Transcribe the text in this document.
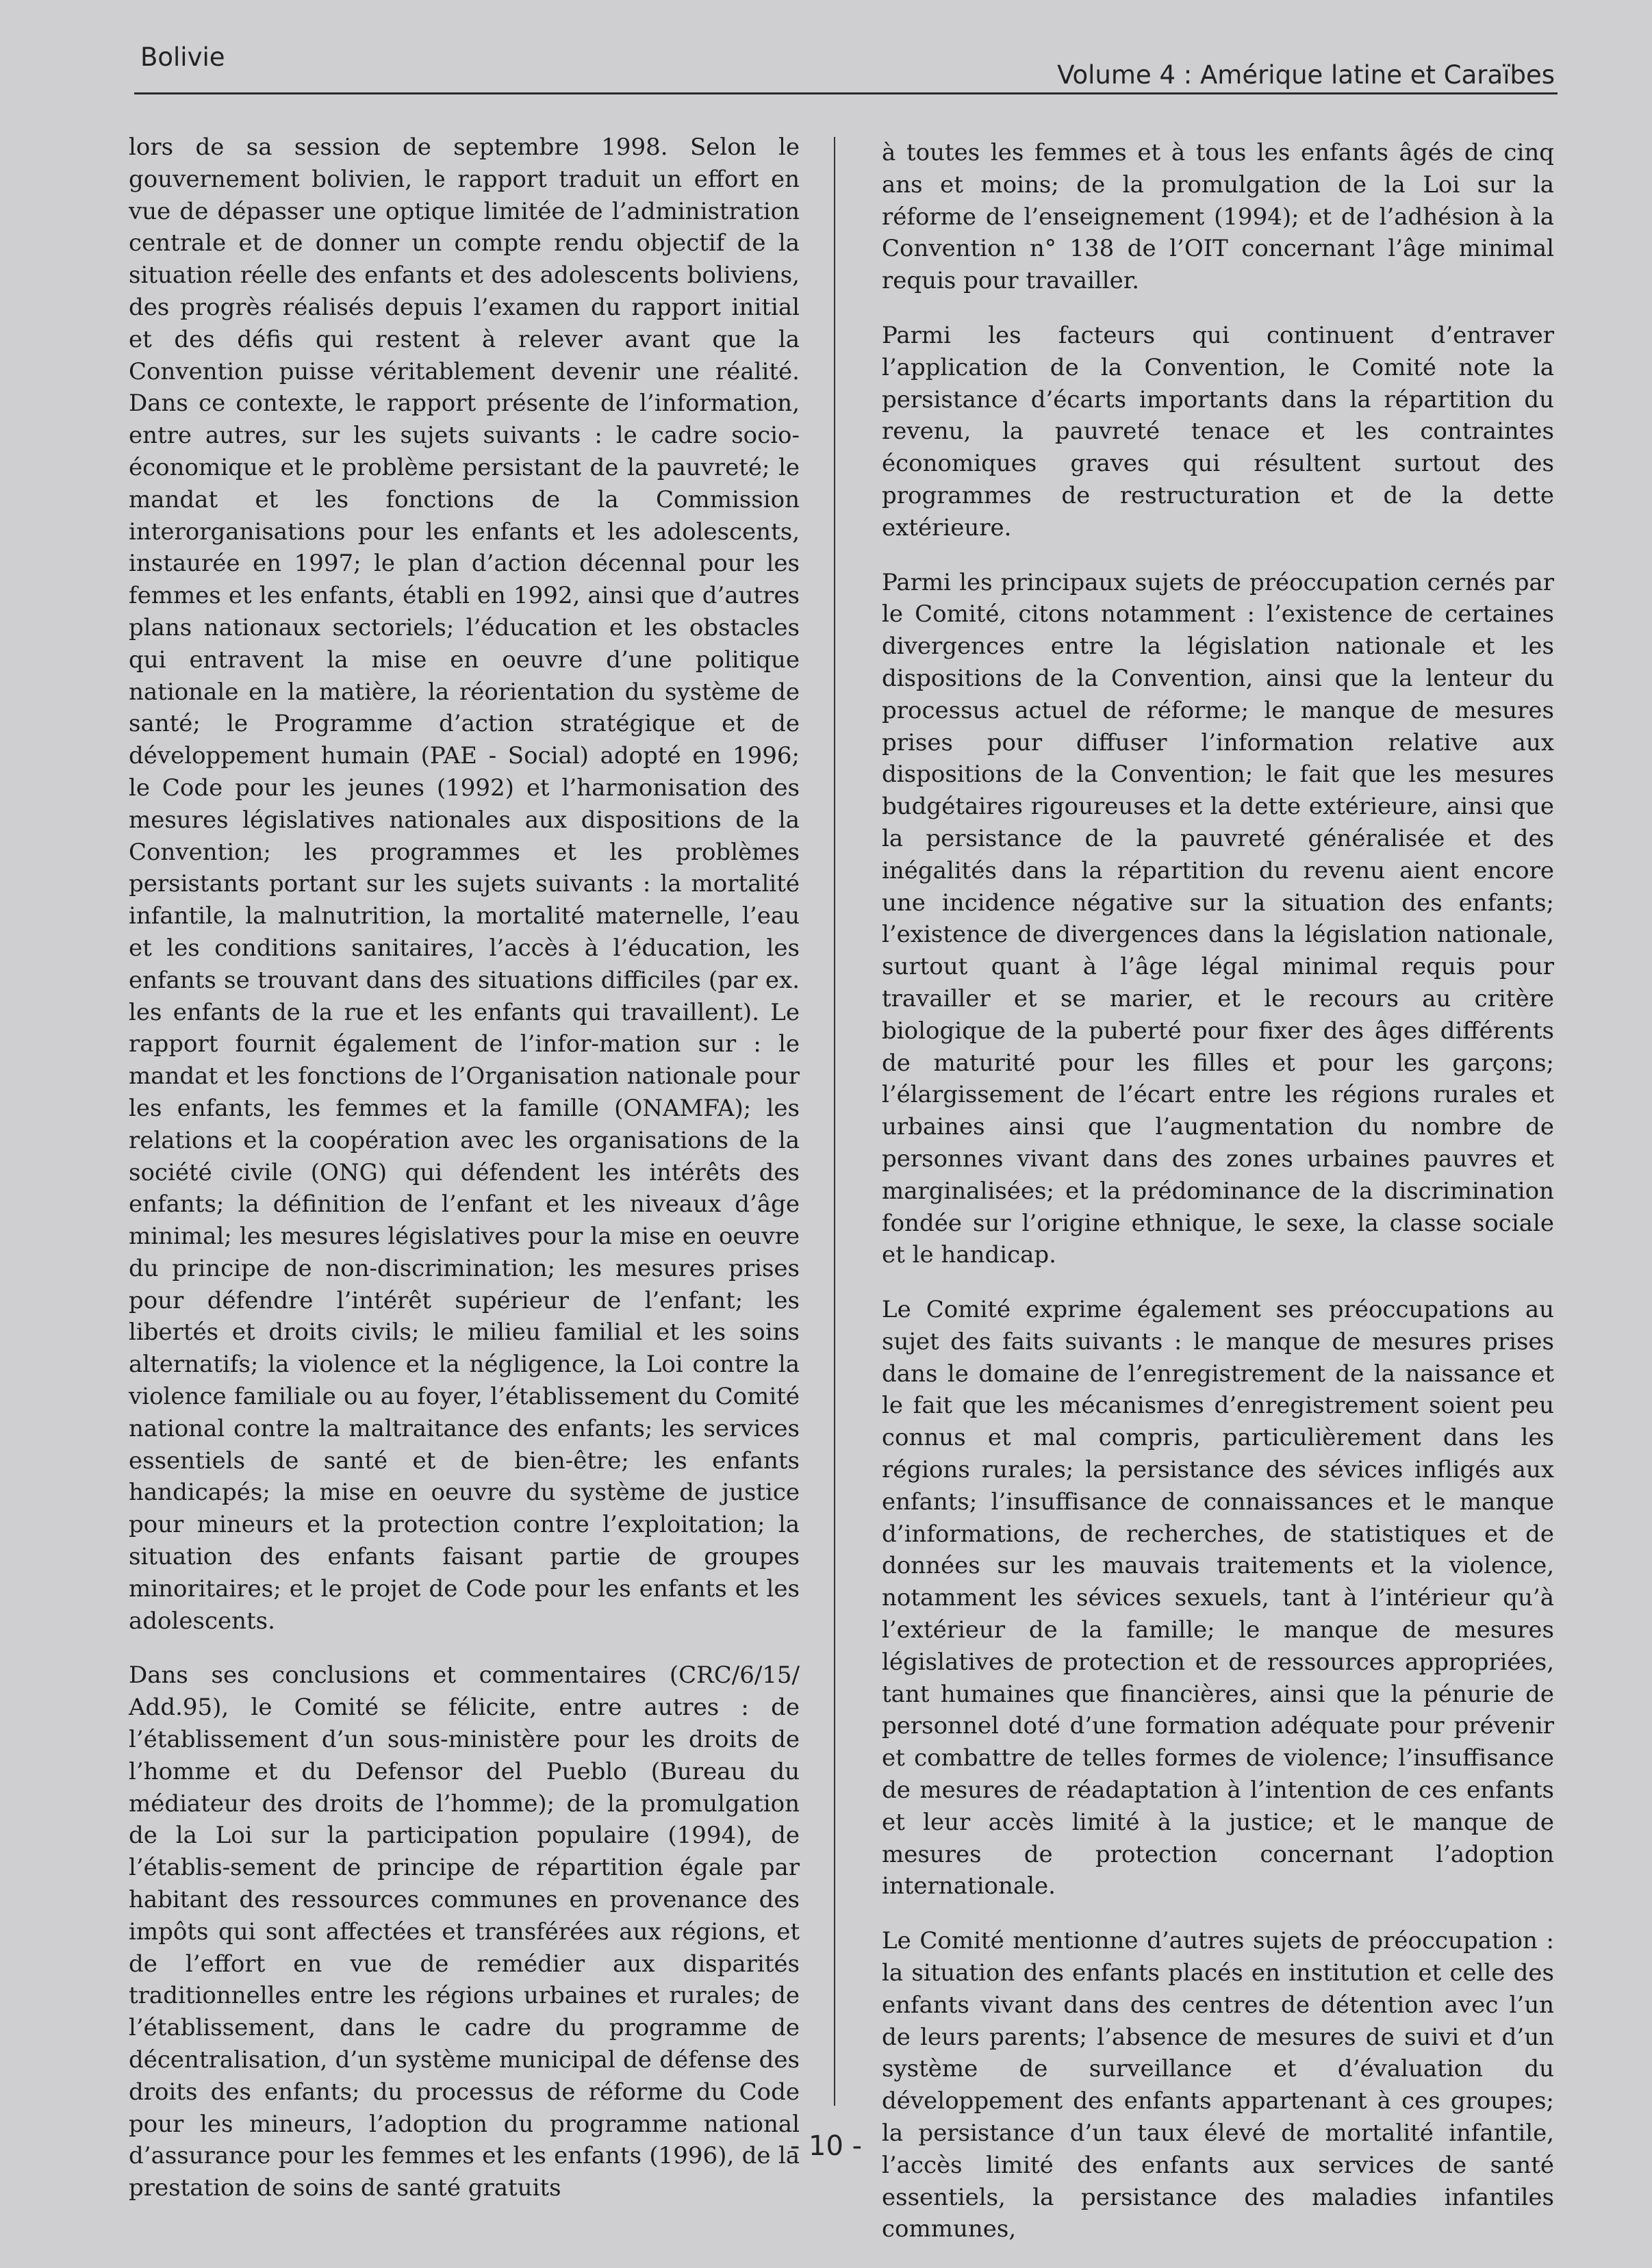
Bolivie
Volume 4 : Amérique latine et Caraïbes

lors de sa session de septembre 1998. Selon le gouvernement bolivien, le rapport traduit un effort en vue de dépasser une optique limitée de l’administration centrale et de donner un compte rendu objectif de la situation réelle des enfants et des adolescents boliviens, des progrès réalisés depuis l’examen du rapport initial et des défis qui restent à relever avant que la Convention puisse véritablement devenir une réalité. Dans ce contexte, le rapport présente de l’information, entre autres, sur les sujets suivants : le cadre socio-économique et le problème persistant de la pauvreté; le mandat et les fonctions de la Commission interorganisations pour les enfants et les adolescents, instaurée en 1997; le plan d’action décennal pour les femmes et les enfants, établi en 1992, ainsi que d’autres plans nationaux sectoriels; l’éducation et les obstacles qui entravent la mise en oeuvre d’une politique nationale en la matière, la réorientation du système de santé; le Programme d’action stratégique et de développement humain (PAE - Social) adopté en 1996; le Code pour les jeunes (1992) et l’harmonisation des mesures législatives nationales aux dispositions de la Convention; les programmes et les problèmes persistants portant sur les sujets suivants : la mortalité infantile, la malnutrition, la mortalité maternelle, l’eau et les conditions sanitaires, l’accès à l’éducation, les enfants se trouvant dans des situations difficiles (par ex. les enfants de la rue et les enfants qui travaillent). Le rapport fournit également de l’infor-mation sur : le mandat et les fonctions de l’Organisation nationale pour les enfants, les femmes et la famille (ONAMFA); les relations et la coopération avec les organisations de la société civile (ONG) qui défendent les intérêts des enfants; la définition de l’enfant et les niveaux d’âge minimal; les mesures législatives pour la mise en oeuvre du principe de non-discrimination; les mesures prises pour défendre l’intérêt supérieur de l’enfant; les libertés et droits civils; le milieu familial et les soins alternatifs; la violence et la négligence, la Loi contre la violence familiale ou au foyer, l’établissement du Comité national contre la maltraitance des enfants; les services essentiels de santé et de bien-être; les enfants handicapés; la mise en oeuvre du système de justice pour mineurs et la protection contre l’exploitation; la situation des enfants faisant partie de groupes minoritaires; et le projet de Code pour les enfants et les adolescents.

Dans ses conclusions et commentaires (CRC/6/15/ Add.95), le Comité se félicite, entre autres : de l’établissement d’un sous-ministère pour les droits de l’homme et du Defensor del Pueblo (Bureau du médiateur des droits de l’homme); de la promulgation de la Loi sur la participation populaire (1994), de l’établis-sement de principe de répartition égale par habitant des ressources communes en provenance des impôts qui sont affectées et transférées aux régions, et de l’effort en vue de remédier aux disparités traditionnelles entre les régions urbaines et rurales; de l’établissement, dans le cadre du programme de décentralisation, d’un système municipal de défense des droits des enfants; du processus de réforme du Code pour les mineurs, l’adoption du programme national d’assurance pour les femmes et les enfants (1996), de la prestation de soins de santé gratuits

à toutes les femmes et à tous les enfants âgés de cinq ans et moins; de la promulgation de la Loi sur la réforme de l’enseignement (1994); et de l’adhésion à la Convention n° 138 de l’OIT concernant l’âge minimal requis pour travailler.

Parmi les facteurs qui continuent d’entraver l’application de la Convention, le Comité note la persistance d’écarts importants dans la répartition du revenu, la pauvreté tenace et les contraintes économiques graves qui résultent surtout des programmes de restructuration et de la dette extérieure.

Parmi les principaux sujets de préoccupation cernés par le Comité, citons notamment : l’existence de certaines divergences entre la législation nationale et les dispositions de la Convention, ainsi que la lenteur du processus actuel de réforme; le manque de mesures prises pour diffuser l’information relative aux dispositions de la Convention; le fait que les mesures budgétaires rigoureuses et la dette extérieure, ainsi que la persistance de la pauvreté généralisée et des inégalités dans la répartition du revenu aient encore une incidence négative sur la situation des enfants; l’existence de divergences dans la législation nationale, surtout quant à l’âge légal minimal requis pour travailler et se marier, et le recours au critère biologique de la puberté pour fixer des âges différents de maturité pour les filles et pour les garçons; l’élargissement de l’écart entre les régions rurales et urbaines ainsi que l’augmentation du nombre de personnes vivant dans des zones urbaines pauvres et marginalisées; et la prédominance de la discrimination fondée sur l’origine ethnique, le sexe, la classe sociale et le handicap.

Le Comité exprime également ses préoccupations au sujet des faits suivants : le manque de mesures prises dans le domaine de l’enregistrement de la naissance et le fait que les mécanismes d’enregistrement soient peu connus et mal compris, particulièrement dans les régions rurales; la persistance des sévices infligés aux enfants; l’insuffisance de connaissances et le manque d’informations, de recherches, de statistiques et de données sur les mauvais traitements et la violence, notamment les sévices sexuels, tant à l’intérieur qu’à l’extérieur de la famille; le manque de mesures législatives de protection et de ressources appropriées, tant humaines que financières, ainsi que la pénurie de personnel doté d’une formation adéquate pour prévenir et combattre de telles formes de violence; l’insuffisance de mesures de réadaptation à l’intention de ces enfants et leur accès limité à la justice; et le manque de mesures de protection concernant l’adoption internationale.

Le Comité mentionne d’autres sujets de préoccupation : la situation des enfants placés en institution et celle des enfants vivant dans des centres de détention avec l’un de leurs parents; l’absence de mesures de suivi et d’un système de surveillance et d’évaluation du développement des enfants appartenant à ces groupes; la persistance d’un taux élevé de mortalité infantile, l’accès limité des enfants aux services de santé essentiels, la persistance des maladies infantiles communes,

- 10 -
